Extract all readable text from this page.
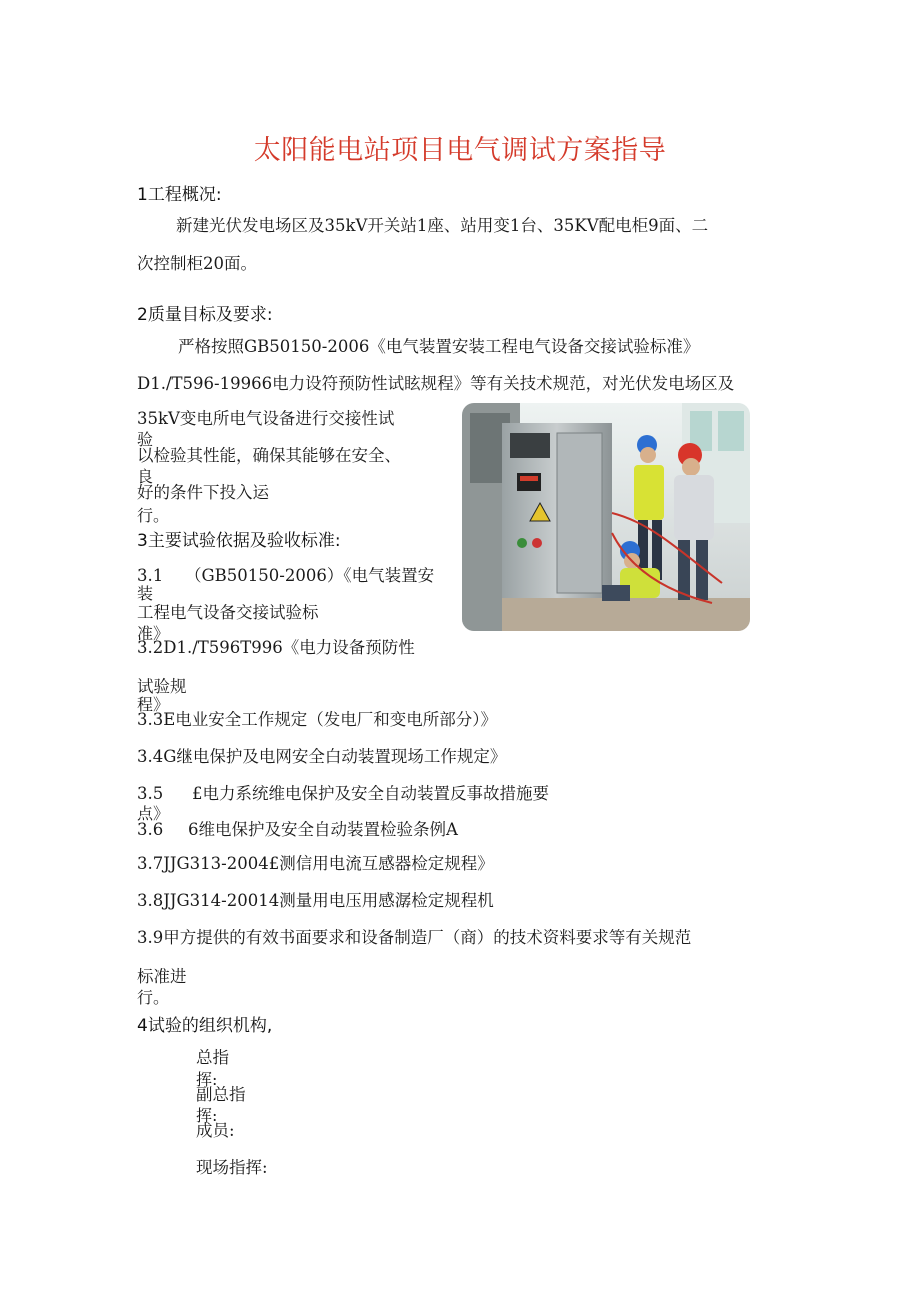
太阳能电站项目电气调试方案指导
1工程概况:
新建光伏发电场区及35kV开关站1座、站用变1台、35KV配电柜9面、二
次控制柜20面。
2质量目标及要求:
严格按照GB50150-2006《电气装置安装工程电气设备交接试验标准》
D1./T596-19966电力设符预防性试眩规程》等有关技术规范，对光伏发电场区及
35kV变电所电气设备进行交接性试
验
以检验其性能，确保其能够在安全、
良
好的条件下投入运
行。
3主要试验依据及验收标准:
3.1 （GB50150-2006）《电气装置安
装
工程电气设备交接试验标
准》
3.2D1./T596T996《电力设备预防性
试验规
程》
3.3E电业安全工作规定（发电厂和变电所部分）》
3.4G继电保护及电网安全白动装置现场工作规定》
3.5 £电力系统维电保护及安全自动装置反事故措施要
点》
3.6 6维电保护及安全自动装置检验条例A
3.7JJG313-2004£测信用电流互感器检定规程》
3.8JJG314-20014测量用电压用感潺检定规程机
3.9甲方提供的有效书面要求和设备制造厂（商）的技术资料要求等有关规范
标准进
行。
4试验的组织机构,
总指
挥:
副总指
挥:
成员:
现场指挥:
